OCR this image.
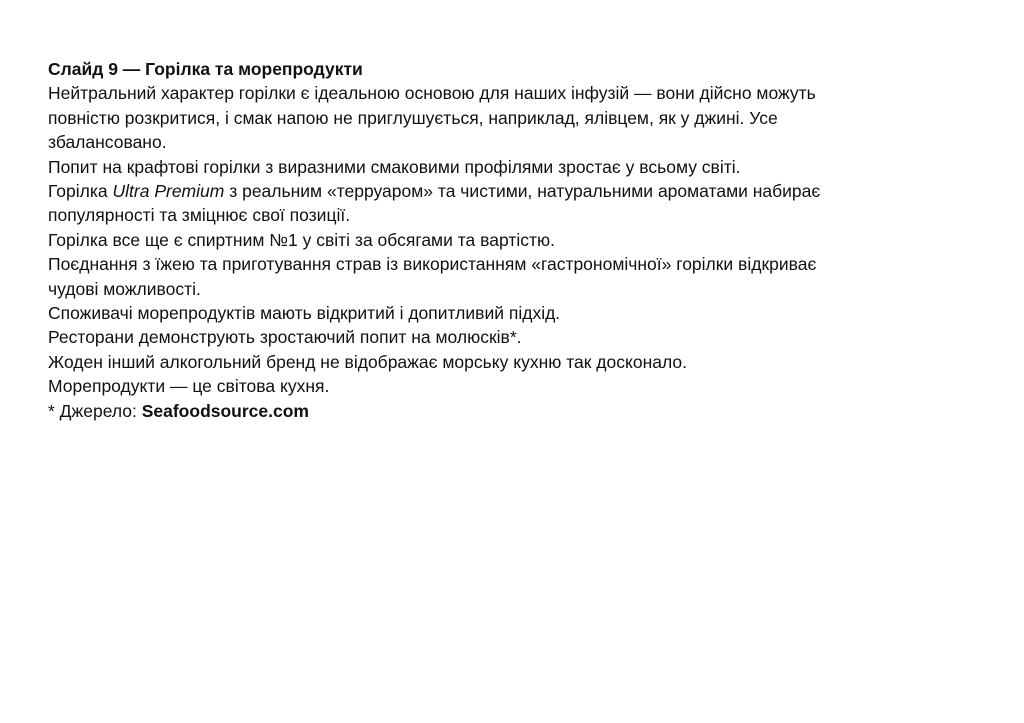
Слайд 9 — Горілка та морепродукти

Нейтральний характер горілки є ідеальною основою для наших інфузій — вони дійсно можуть

повністю розкритися, і смак напою не приглушується, наприклад, ялівцем, як у джині. Усе

збалансовано.

Попит на крафтові горілки з виразними смаковими профілями зростає у всьому світі.

Горілка Ultra Premium з реальним «терруаром» та чистими, натуральними ароматами набирає

популярності та зміцнює свої позиції.

Горілка все ще є спиртним №1 у світі за обсягами та вартістю.

Поєднання з їжею та приготування страв із використанням «гастрономічної» горілки відкриває

чудові можливості.

Споживачі морепродуктів мають відкритий і допитливий підхід.

Ресторани демонструють зростаючий попит на молюсків*.

Жоден інший алкогольний бренд не відображає морську кухню так досконало.

Морепродукти — це світова кухня.

* Джерело: Seafoodsource.com
